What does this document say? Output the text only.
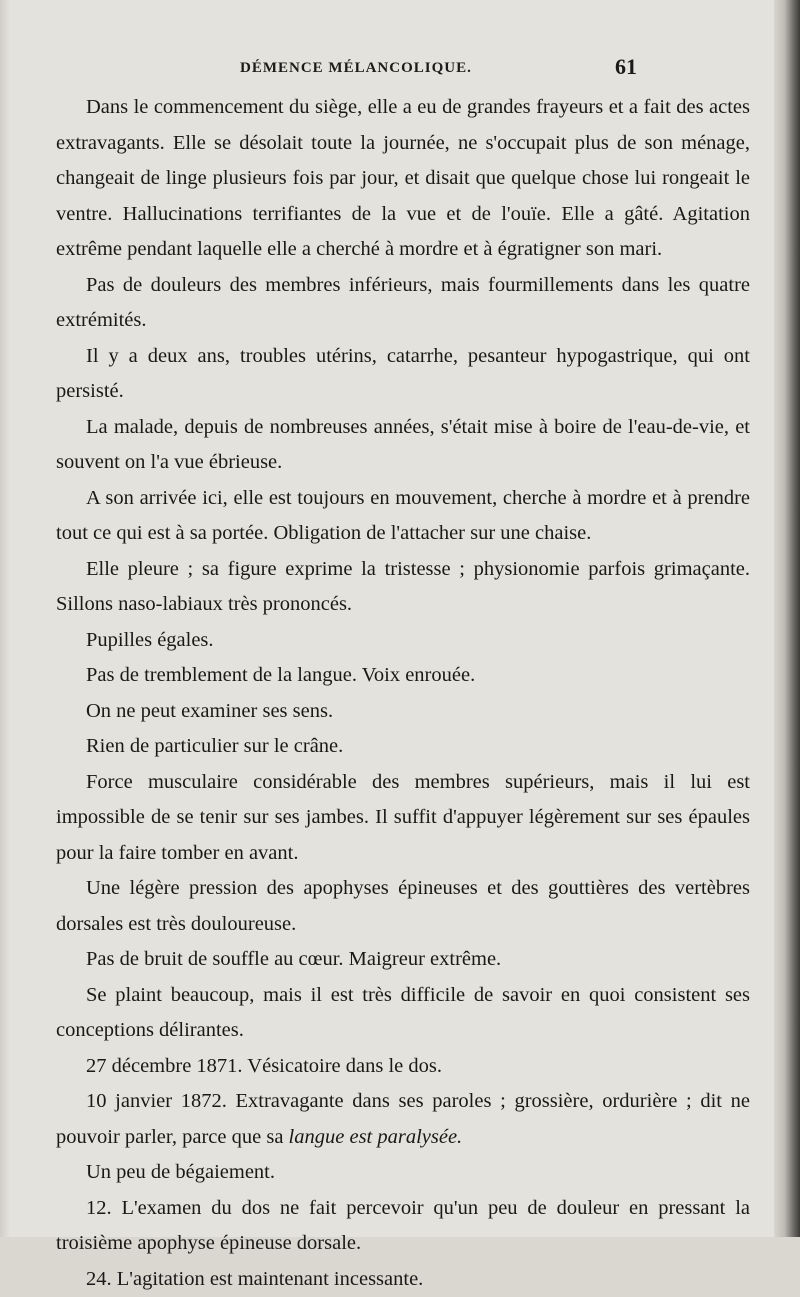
DÉMENCE MÉLANCOLIQUE.	61

Dans le commencement du siège, elle a eu de grandes frayeurs et a fait des actes extravagants. Elle se désolait toute la journée, ne s'occupait plus de son ménage, changeait de linge plusieurs fois par jour, et disait que quelque chose lui rongeait le ventre. Hallucinations terrifiantes de la vue et de l'ouïe. Elle a gâté. Agitation extrême pendant laquelle elle a cherché à mordre et à égratigner son mari.

Pas de douleurs des membres inférieurs, mais fourmillements dans les quatre extrémités.

Il y a deux ans, troubles utérins, catarrhe, pesanteur hypogastrique, qui ont persisté.

La malade, depuis de nombreuses années, s'était mise à boire de l'eau-de-vie, et souvent on l'a vue ébrieuse.

A son arrivée ici, elle est toujours en mouvement, cherche à mordre et à prendre tout ce qui est à sa portée. Obligation de l'attacher sur une chaise.

Elle pleure ; sa figure exprime la tristesse ; physionomie parfois grimaçante. Sillons naso-labiaux très prononcés.

Pupilles égales.

Pas de tremblement de la langue. Voix enrouée.

On ne peut examiner ses sens.

Rien de particulier sur le crâne.

Force musculaire considérable des membres supérieurs, mais il lui est impossible de se tenir sur ses jambes. Il suffit d'appuyer légèrement sur ses épaules pour la faire tomber en avant.

Une légère pression des apophyses épineuses et des gouttières des vertèbres dorsales est très douloureuse.

Pas de bruit de souffle au cœur. Maigreur extrême.

Se plaint beaucoup, mais il est très difficile de savoir en quoi consistent ses conceptions délirantes.

27 décembre 1871. Vésicatoire dans le dos.

10 janvier 1872. Extravagante dans ses paroles ; grossière, ordurière ; dit ne pouvoir parler, parce que sa langue est paralysée.

Un peu de bégaiement.

12. L'examen du dos ne fait percevoir qu'un peu de douleur en pressant la troisième apophyse épineuse dorsale.

24. L'agitation est maintenant incessante.
